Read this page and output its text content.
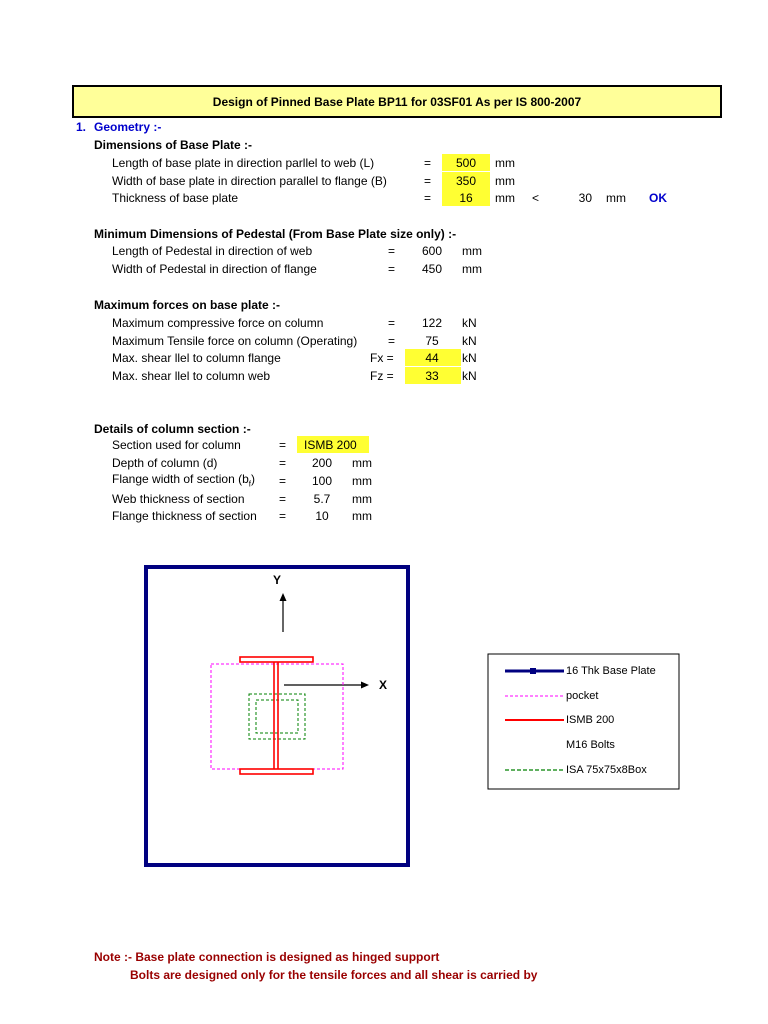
Design of Pinned Base Plate BP11 for 03SF01 As per IS 800-2007
1. Geometry :-
Dimensions of Base Plate :-
Length of base plate in direction parllel to web (L)	=	500	mm
Width of base plate in direction parallel to flange (B)	=	350	mm
Thickness of base plate	=	16	mm <	30 mm OK
Minimum Dimensions of Pedestal (From Base Plate size only) :-
Length of Pedestal in direction of web	=	600	mm
Width of Pedestal in direction of flange	=	450	mm
Maximum forces on base plate :-
Maximum compressive force on column	=	122	kN
Maximum Tensile force on column (Operating)	=	75	kN
Max. shear llel to column flange	Fx =	44	kN
Max. shear llel to column web	Fz =	33	kN
Details of column section :-
Section used for column	= ISMB 200
Depth of column (d)	=	200	mm
Flange width of section $(b_f)$ =	100	mm
Web thickness of section	=	5.7	mm
Flange thickness of section =	10	mm
Y
X
16 Thk Base Plate
pocket
ISMB 200
M16 Bolts
ISA 75x75x8Box
Note :- Base plate connection is designed as hinged support
Bolts are designed only for the tensile forces and all shear is carried by
